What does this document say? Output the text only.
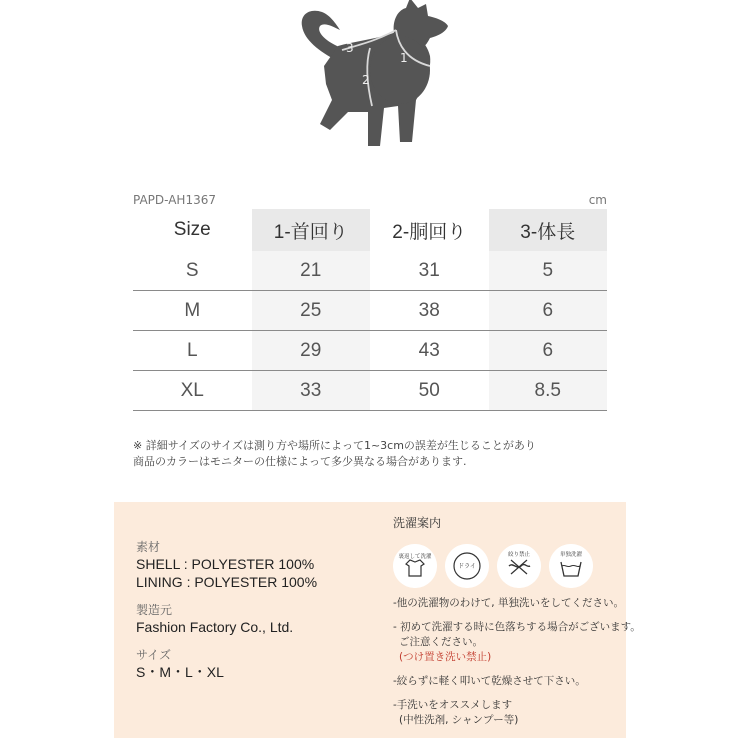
3
2
1
PAPD-AH1367	cm
Size	1-首回り	2-胴回り	3-体長
S	21	31	5
M	25	38	6
L	29	43	6
XL	33	50	8.5
※ 詳細サイズのサイズは測り方や場所によって1~3cmの誤差が生じることがあり
商品のカラーはモニターの仕様によって多少異なる場合があります.
素材
SHELL : POLYESTER 100%
LINING : POLYESTER 100%
製造元
Fashion Factory Co., Ltd.
サイズ
S・M・L・XL
洗濯案内
裏返して洗濯
ドライ
絞り禁止	単独洗濯
-他の洗濯物のわけて, 単独洗いをしてください。
- 初めて洗濯する時に色落ちする場合がございます。
ご注意ください。
(つけ置き洗い禁止)
-絞らずに軽く叩いて乾燥させて下さい。
-手洗いをオススメします
(中性洗剤, シャンプー等)
